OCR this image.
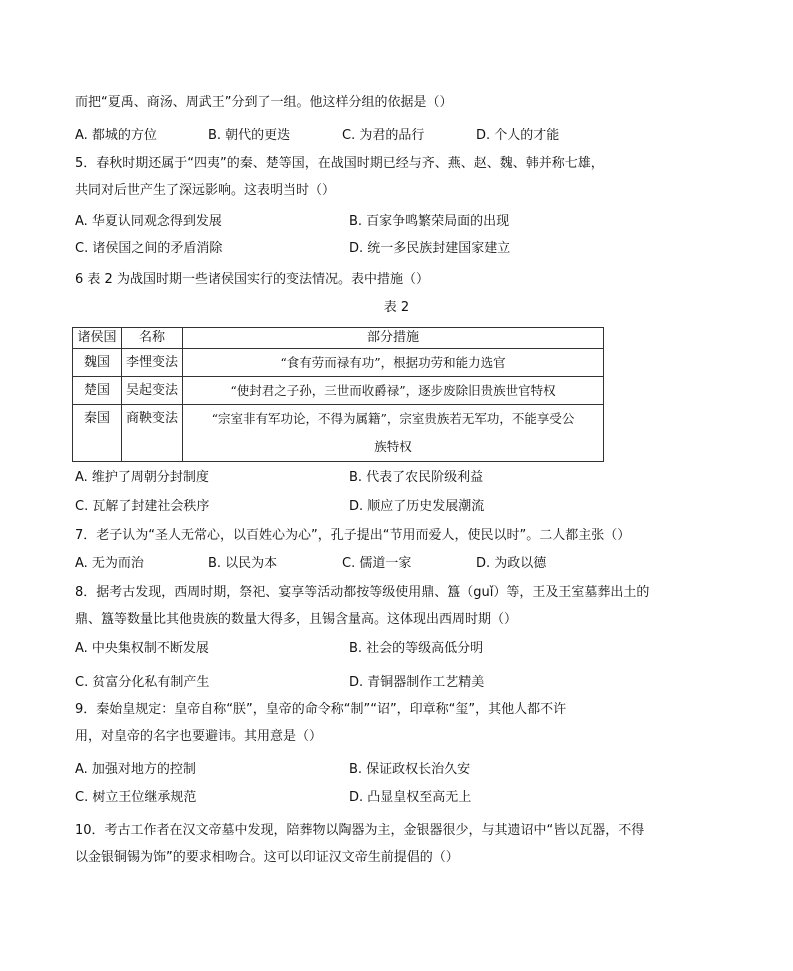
而把“夏禹、商汤、周武王”分到了一组。他这样分组的依据是（）
A. 都城的方位	B. 朝代的更迭	C. 为君的品行	D. 个人的才能
5．春秋时期还属于“四夷”的秦、楚等国，在战国时期已经与齐、燕、赵、魏、韩并称七雄，
共同对后世产生了深远影响。这表明当时（）
A. 华夏认同观念得到发展	B. 百家争鸣繁荣局面的出现
C. 诸侯国之间的矛盾消除	D. 统一多民族封建国家建立
6 表 2 为战国时期一些诸侯国实行的变法情况。表中措施（）
表 2
诸侯国	名称	部分措施
魏国	李悝变法	“食有劳而禄有功”，根据功劳和能力选官
楚国	吴起变法	“使封君之子孙，三世而收爵禄”，逐步废除旧贵族世官特权
秦国	商鞅变法	“宗室非有军功论，不得为属籍”，宗室贵族若无军功，不能享受公
族特权
A. 维护了周朝分封制度	B. 代表了农民阶级利益
C. 瓦解了封建社会秩序	D. 顺应了历史发展潮流
7．老子认为“圣人无常心，以百姓心为心”，孔子提出“节用而爱人，使民以时”。二人都主张（）
A. 无为而治	B. 以民为本	C. 儒道一家	D. 为政以德
8．据考古发现，西周时期，祭祀、宴享等活动都按等级使用鼎、簋（guǐ）等，王及王室墓葬出土的
鼎、簋等数量比其他贵族的数量大得多，且锡含量高。这体现出西周时期（）
A. 中央集权制不断发展	B. 社会的等级高低分明
C. 贫富分化私有制产生	D. 青铜器制作工艺精美
9．秦始皇规定：皇帝自称“朕”，皇帝的命令称“制”“诏”，印章称“玺”，其他人都不许
用，对皇帝的名字也要避讳。其用意是（）
A. 加强对地方的控制	B. 保证政权长治久安
C. 树立王位继承规范	D. 凸显皇权至高无上
10．考古工作者在汉文帝墓中发现，陪葬物以陶器为主，金银器很少，与其遗诏中“皆以瓦器，不得
以金银铜锡为饰”的要求相吻合。这可以印证汉文帝生前提倡的（）
